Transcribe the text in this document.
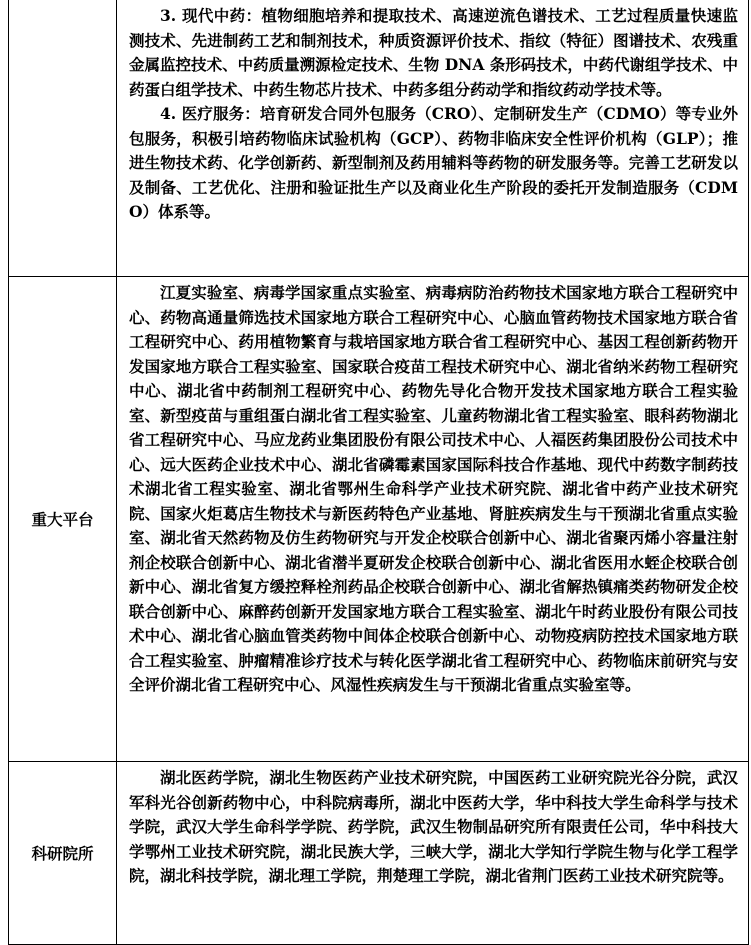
	3. 现代中药：植物细胞培养和提取技术、高速逆流色谱技术、工艺过程质量快速监测技术、先进制药工艺和制剂技术，种质资源评价技术、指纹（特征）图谱技术、农残重金属监控技术、中药质量溯源检定技术、生物 DNA 条形码技术，中药代谢组学技术、中药蛋白组学技术、中药生物芯片技术、中药多组分药动学和指纹药动学技术等。

4. 医疗服务：培育研发合同外包服务（CRO）、定制研发生产（CDMO）等专业外包服务，积极引培药物临床试验机构（GCP）、药物非临床安全性评价机构（GLP）；推进生物技术药、化学创新药、新型制剂及药用辅料等药物的研发服务等。完善工艺研发以及制备、工艺优化、注册和验证批生产以及商业化生产阶段的委托开发制造服务（CDMO）体系等。

重大平台	江夏实验室、病毒学国家重点实验室、病毒病防治药物技术国家地方联合工程研究中心、药物高通量筛选技术国家地方联合工程研究中心、心脑血管药物技术国家地方联合省工程研究中心、药用植物繁育与栽培国家地方联合省工程研究中心、基因工程创新药物开发国家地方联合工程实验室、国家联合疫苗工程技术研究中心、湖北省纳米药物工程研究中心、湖北省中药制剂工程研究中心、药物先导化合物开发技术国家地方联合工程实验室、新型疫苗与重组蛋白湖北省工程实验室、儿童药物湖北省工程实验室、眼科药物湖北省工程研究中心、马应龙药业集团股份有限公司技术中心、人福医药集团股份公司技术中心、远大医药企业技术中心、湖北省磷霉素国家国际科技合作基地、现代中药数字制药技术湖北省工程实验室、湖北省鄂州生命科学产业技术研究院、湖北省中药产业技术研究院、国家火炬葛店生物技术与新医药特色产业基地、肾脏疾病发生与干预湖北省重点实验室、湖北省天然药物及仿生药物研究与开发企校联合创新中心、湖北省聚丙烯小容量注射剂企校联合创新中心、湖北省潜半夏研发企校联合创新中心、湖北省医用水蛭企校联合创新中心、湖北省复方缓控释栓剂药品企校联合创新中心、湖北省解热镇痛类药物研发企校联合创新中心、麻醉药创新开发国家地方联合工程实验室、湖北午时药业股份有限公司技术中心、湖北省心脑血管类药物中间体企校联合创新中心、动物疫病防控技术国家地方联合工程实验室、肿瘤精准诊疗技术与转化医学湖北省工程研究中心、药物临床前研究与安全评价湖北省工程研究中心、风湿性疾病发生与干预湖北省重点实验室等。

科研院所	湖北医药学院，湖北生物医药产业技术研究院，中国医药工业研究院光谷分院，武汉军科光谷创新药物中心，中科院病毒所，湖北中医药大学，华中科技大学生命科学与技术学院，武汉大学生命科学学院、药学院，武汉生物制品研究所有限责任公司，华中科技大学鄂州工业技术研究院，湖北民族大学，三峡大学，湖北大学知行学院生物与化学工程学院，湖北科技学院，湖北理工学院，荆楚理工学院，湖北省荆门医药工业技术研究院等。
